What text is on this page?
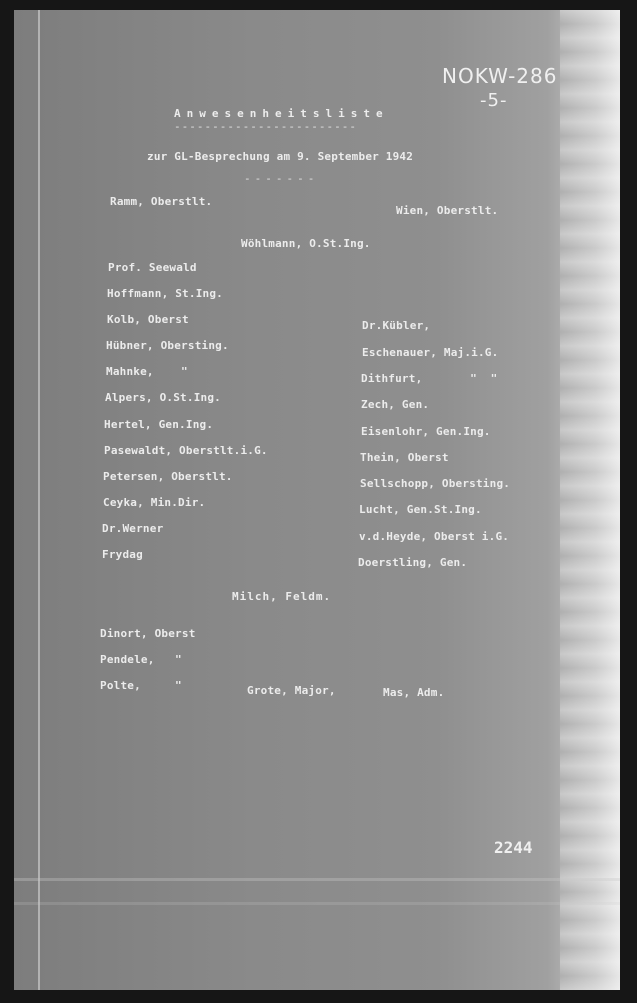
NOKW-286
-5-
Anwesenheitsliste
------------------------
zur GL-Besprechung am 9. September 1942
-------
Ramm, Oberstlt.
Wien, Oberstlt.
Wöhlmann, O.St.Ing.
Prof. Seewald
Hoffmann, St.Ing.
Kolb, Oberst
Hübner, Obersting.
Mahnke,    "
Alpers, O.St.Ing.
Hertel, Gen.Ing.
Pasewaldt, Oberstlt.i.G.
Petersen, Oberstlt.
Ceyka, Min.Dir.
Dr.Werner
Frydag
Dr.Kübler,
Eschenauer, Maj.i.G.
Dithfurt,       "  "
Zech, Gen.
Eisenlohr, Gen.Ing.
Thein, Oberst
Sellschopp, Obersting.
Lucht, Gen.St.Ing.
v.d.Heyde, Oberst i.G.
Doerstling, Gen.
Milch, Feldm.
Dinort, Oberst
Pendele,   "
Polte,     "	Grote, Major,	Mas, Adm.
2244
